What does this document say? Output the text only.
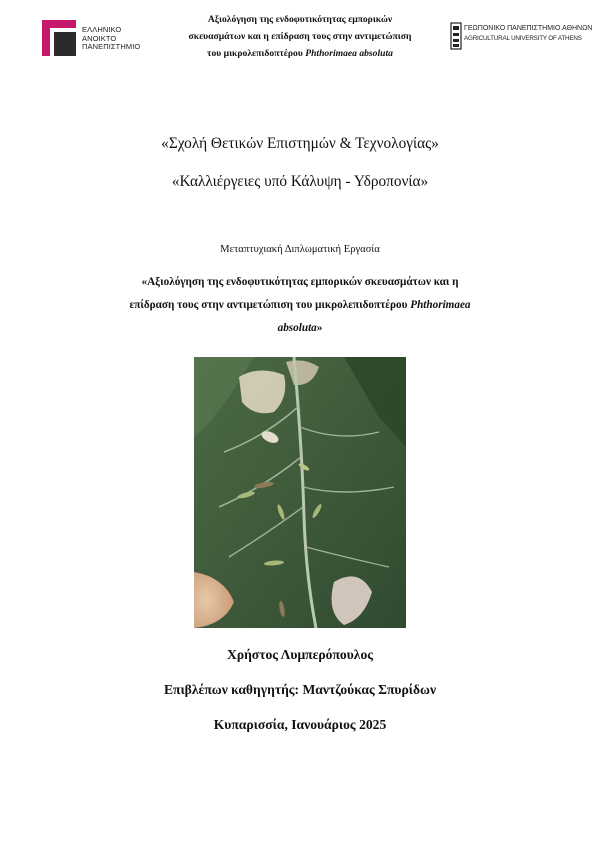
ΕΛΛΗΝΙΚΟ
ΑΝΟΙΚΤΟ
ΠΑΝΕΠΙΣΤΗΜΙΟ
Αξιολόγηση της ενδοφυτικότητας εμπορικών
σκευασμάτων και η επίδραση τους στην αντιμετώπιση
του μικρολεπιδοπτέρου Phthorimaea absoluta
ΓΕΩΠΟΝΙΚΟ ΠΑΝΕΠΙΣΤΗΜΙΟ ΑΘΗΝΩΝ
AGRICULTURAL UNIVERSITY OF ATHENS
«Σχολή Θετικών Επιστημών & Τεχνολογίας»
«Καλλιέργειες υπό Κάλυψη - Υδροπονία»
Μεταπτυχιακή Διπλωματική Εργασία
«Αξιολόγηση της ενδοφυτικότητας εμπορικών σκευασμάτων και η
επίδραση τους στην αντιμετώπιση του μικρολεπιδοπτέρου Phthorimaea
absoluta»
Χρήστος Λυμπερόπουλος
Επιβλέπων καθηγητής: Μαντζούκας Σπυρίδων
Κυπαρισσία, Ιανουάριος 2025
